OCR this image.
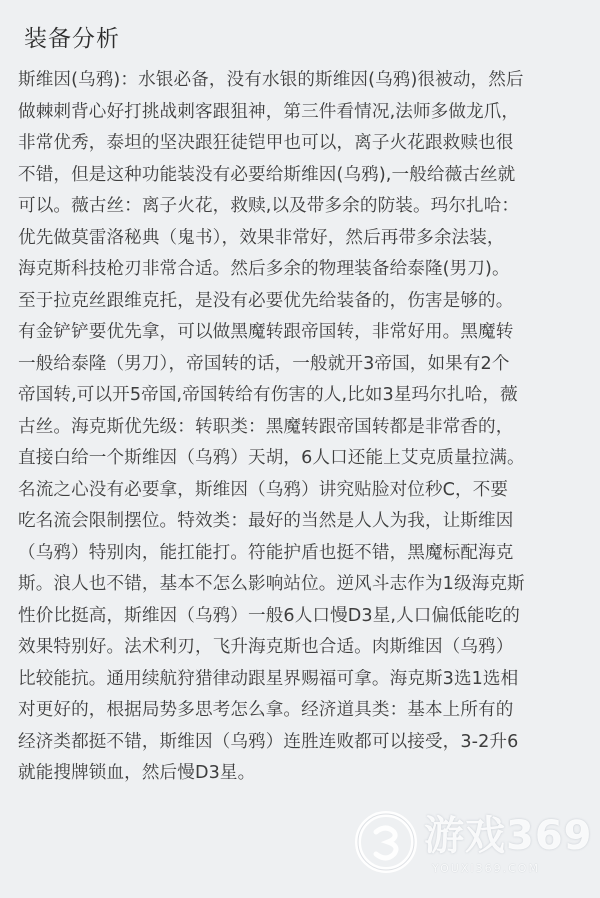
装备分析
斯维因(乌鸦)：水银必备，没有水银的斯维因(乌鸦)很被动，然后
做棘刺背心好打挑战刺客跟狙神，第三件看情况,法师多做龙爪，
非常优秀，泰坦的坚决跟狂徒铠甲也可以，离子火花跟救赎也很
不错，但是这种功能装没有必要给斯维因(乌鸦),一般给薇古丝就
可以。薇古丝：离子火花，救赎,以及带多余的防装。玛尔扎哈：
优先做莫雷洛秘典（鬼书），效果非常好，然后再带多余法装，
海克斯科技枪刃非常合适。然后多余的物理装备给泰隆(男刀)。
至于拉克丝跟维克托，是没有必要优先给装备的，伤害是够的。
有金铲铲要优先拿，可以做黑魔转跟帝国转，非常好用。黑魔转
一般给泰隆（男刀），帝国转的话，一般就开3帝国，如果有2个
帝国转,可以开5帝国,帝国转给有伤害的人,比如3星玛尔扎哈，薇
古丝。海克斯优先级：转职类：黑魔转跟帝国转都是非常香的，
直接白给一个斯维因（乌鸦）天胡，6人口还能上艾克质量拉满。
名流之心没有必要拿，斯维因（乌鸦）讲究贴脸对位秒C，不要
吃名流会限制摆位。特效类：最好的当然是人人为我，让斯维因
（乌鸦）特别肉，能扛能打。符能护盾也挺不错，黑魔标配海克
斯。浪人也不错，基本不怎么影响站位。逆风斗志作为1级海克斯
性价比挺高，斯维因（乌鸦）一般6人口慢D3星,人口偏低能吃的
效果特别好。法术利刃，飞升海克斯也合适。肉斯维因（乌鸦）
比较能抗。通用续航狩猎律动跟星界赐福可拿。海克斯3选1选相
对更好的，根据局势多思考怎么拿。经济道具类：基本上所有的
经济类都挺不错，斯维因（乌鸦）连胜连败都可以接受，3-2升6
就能搜牌锁血，然后慢D3星。
游戏369
YOUXI369.COM
